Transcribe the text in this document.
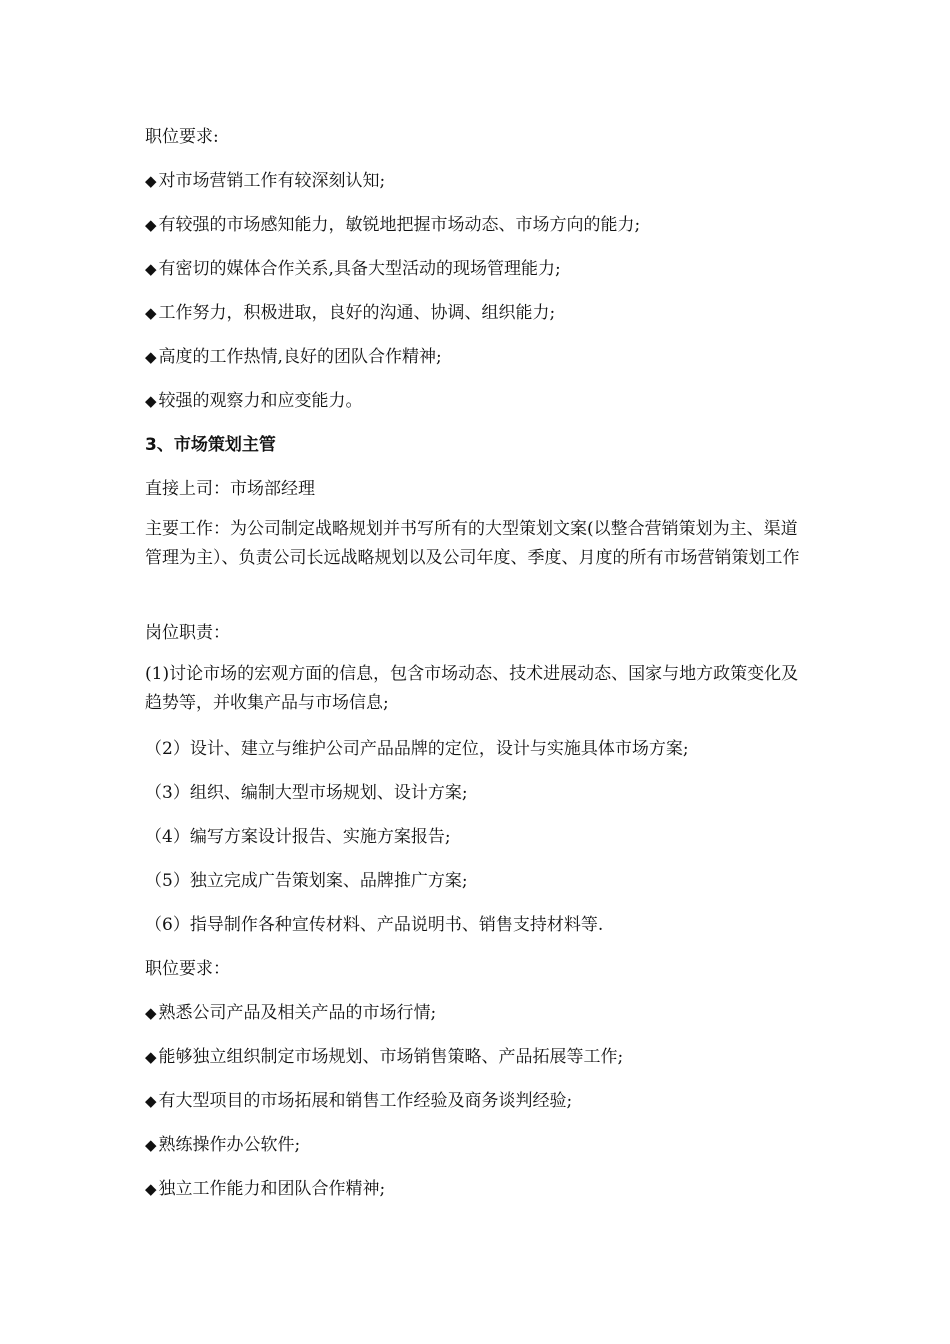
职位要求:
◆ 对市场营销工作有较深刻认知;
◆ 有较强的市场感知能力，敏锐地把握市场动态、市场方向的能力;
◆ 有密切的媒体合作关系,具备大型活动的现场管理能力;
◆ 工作努力，积极进取，良好的沟通、协调、组织能力;
◆ 高度的工作热情,良好的团队合作精神;
◆ 较强的观察力和应变能力。
3、市场策划主管
直接上司：市场部经理
主要工作：为公司制定战略规划并书写所有的大型策划文案(以整合营销策划为主、渠道管理为主）、负责公司长远战略规划以及公司年度、季度、月度的所有市场营销策划工作
岗位职责：
(1)讨论市场的宏观方面的信息，包含市场动态、技术进展动态、国家与地方政策变化及趋势等，并收集产品与市场信息;
（2）设计、建立与维护公司产品品牌的定位，设计与实施具体市场方案;
（3）组织、编制大型市场规划、设计方案;
（4）编写方案设计报告、实施方案报告;
（5）独立完成广告策划案、品牌推广方案;
（6）指导制作各种宣传材料、产品说明书、销售支持材料等.
职位要求：
◆ 熟悉公司产品及相关产品的市场行情;
◆ 能够独立组织制定市场规划、市场销售策略、产品拓展等工作;
◆ 有大型项目的市场拓展和销售工作经验及商务谈判经验;
◆ 熟练操作办公软件;
◆ 独立工作能力和团队合作精神;
